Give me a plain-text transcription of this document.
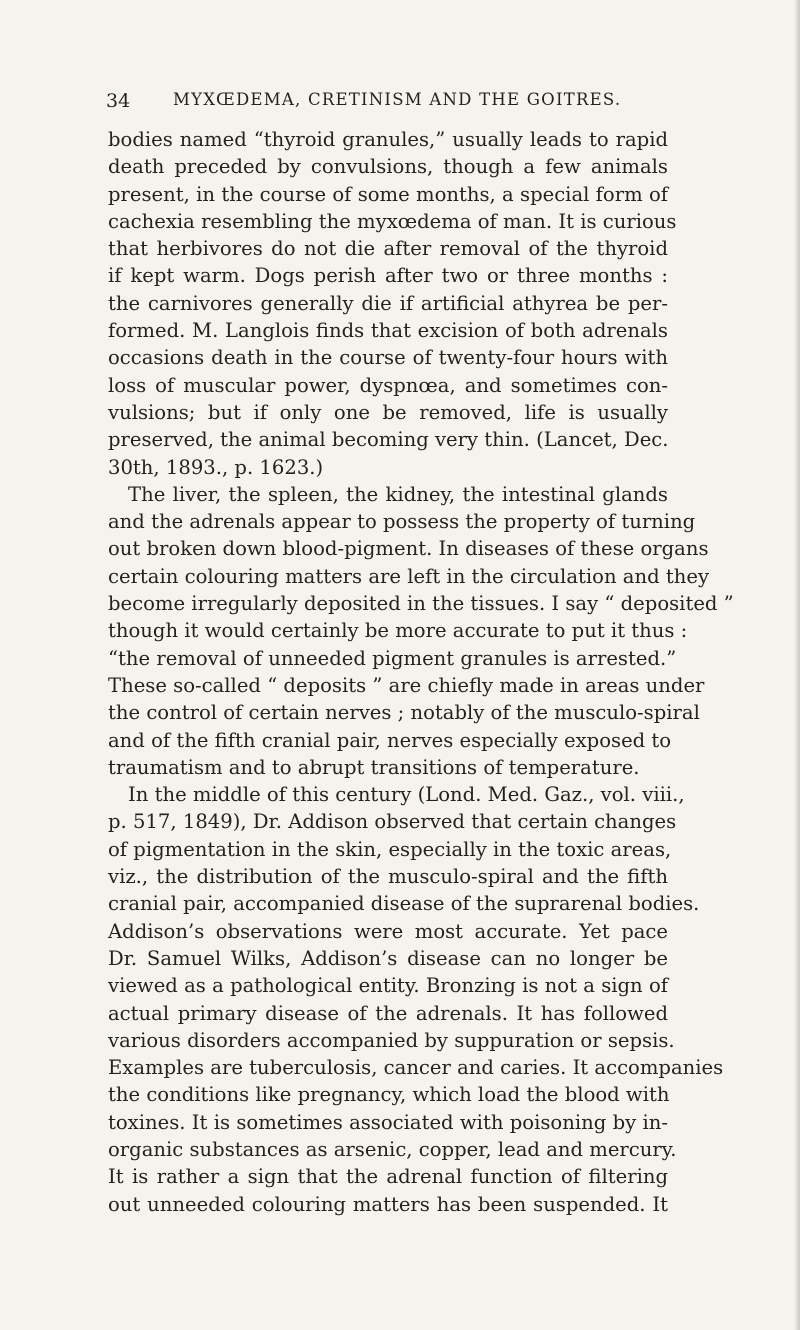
34	MYXŒDEMA, CRETINISM AND THE GOITRES.
bodies named “thyroid granules,” usually leads to rapid
death preceded by convulsions, though a few animals
present, in the course of some months, a special form of
cachexia resembling the myxœdema of man. It is curious
that herbivores do not die after removal of the thyroid
if kept warm. Dogs perish after two or three months :
the carnivores generally die if artificial athyrea be per-
formed. M. Langlois finds that excision of both adrenals
occasions death in the course of twenty-four hours with
loss of muscular power, dyspnœa, and sometimes con-
vulsions; but if only one be removed, life is usually
preserved, the animal becoming very thin. (Lancet, Dec.
30th, 1893., p. 1623.)
The liver, the spleen, the kidney, the intestinal glands
and the adrenals appear to possess the property of turning
out broken down blood-pigment. In diseases of these organs
certain colouring matters are left in the circulation and they
become irregularly deposited in the tissues. I say “ deposited ”
though it would certainly be more accurate to put it thus :
“the removal of unneeded pigment granules is arrested.”
These so-called “ deposits ” are chiefly made in areas under
the control of certain nerves ; notably of the musculo-spiral
and of the fifth cranial pair, nerves especially exposed to
traumatism and to abrupt transitions of temperature.
In the middle of this century (Lond. Med. Gaz., vol. viii.,
p. 517, 1849), Dr. Addison observed that certain changes
of pigmentation in the skin, especially in the toxic areas,
viz., the distribution of the musculo-spiral and the fifth
cranial pair, accompanied disease of the suprarenal bodies.
Addison’s observations were most accurate. Yet pace
Dr. Samuel Wilks, Addison’s disease can no longer be
viewed as a pathological entity. Bronzing is not a sign of
actual primary disease of the adrenals. It has followed
various disorders accompanied by suppuration or sepsis.
Examples are tuberculosis, cancer and caries. It accompanies
the conditions like pregnancy, which load the blood with
toxines. It is sometimes associated with poisoning by in-
organic substances as arsenic, copper, lead and mercury.
It is rather a sign that the adrenal function of filtering
out unneeded colouring matters has been suspended. It
